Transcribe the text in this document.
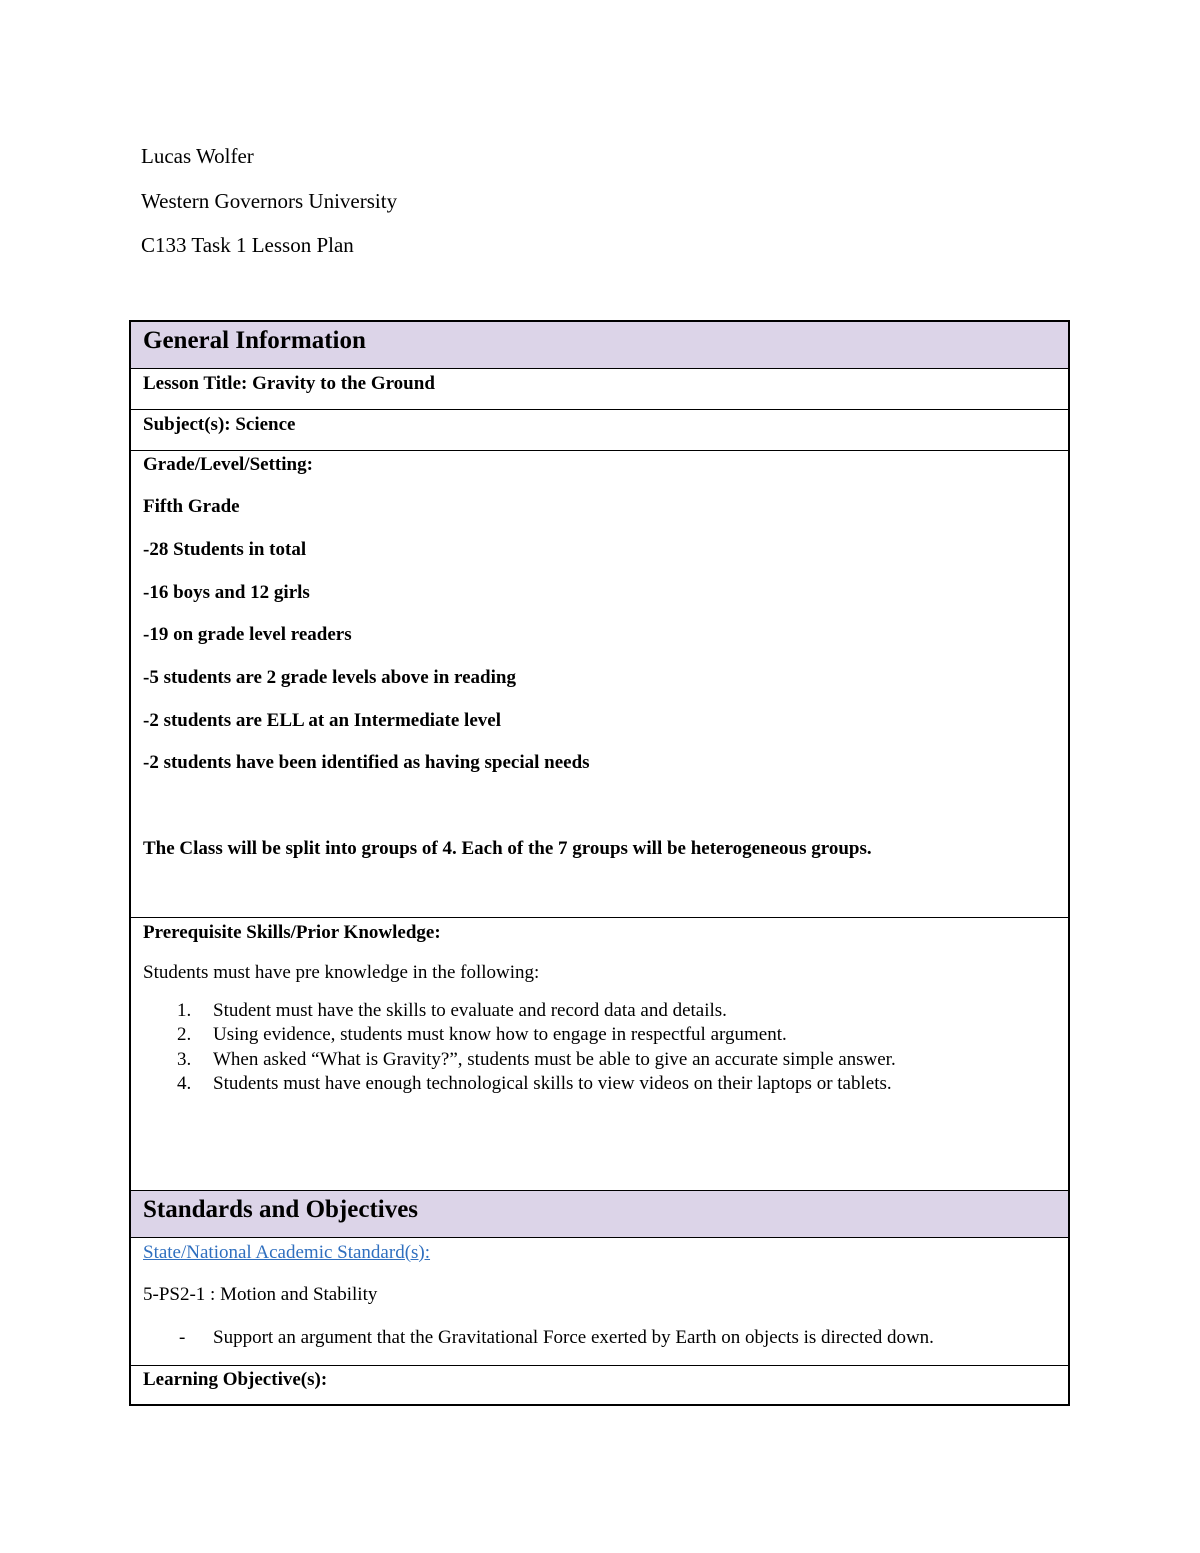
Lucas Wolfer
Western Governors University
C133 Task 1 Lesson Plan
General Information

Lesson Title: Gravity to the Ground

Subject(s): Science

Grade/Level/Setting:

Fifth Grade

-28 Students in total

-16 boys and 12 girls

-19 on grade level readers

-5 students are 2 grade levels above in reading

-2 students are ELL at an Intermediate level

-2 students have been identified as having special needs

The Class will be split into groups of 4. Each of the 7 groups will be heterogeneous groups.

Prerequisite Skills/Prior Knowledge:
Students must have pre knowledge in the following:
1.	Student must have the skills to evaluate and record data and details.
2.	Using evidence, students must know how to engage in respectful argument.
3.	When asked “What is Gravity?”, students must be able to give an accurate simple answer.
4.	Students must have enough technological skills to view videos on their laptops or tablets.

Standards and Objectives

State/National Academic Standard(s):
5-PS2-1 : Motion and Stability
-	Support an argument that the Gravitational Force exerted by Earth on objects is directed down.

Learning Objective(s):
